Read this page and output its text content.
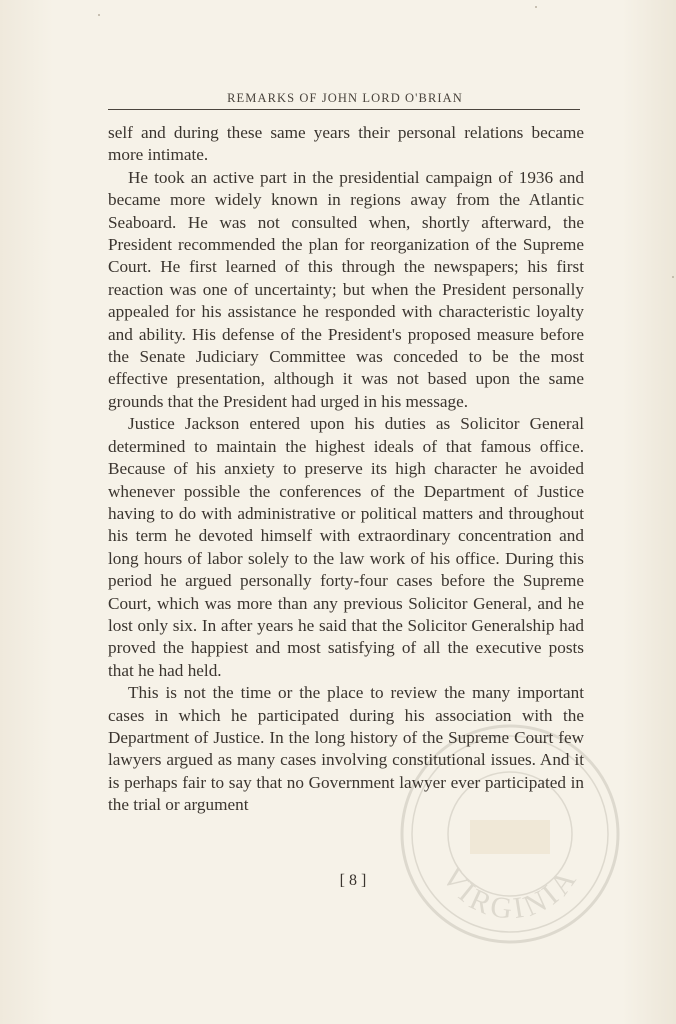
VIRGINIA
REMARKS OF JOHN LORD O'BRIAN

self and during these same years their personal relations became more intimate.

He took an active part in the presidential campaign of 1936 and became more widely known in regions away from the Atlantic Seaboard. He was not consulted when, shortly afterward, the President recommended the plan for reorganization of the Supreme Court. He first learned of this through the newspapers; his first reaction was one of uncertainty; but when the President personally appealed for his assistance he responded with characteristic loyalty and ability. His defense of the President's proposed measure before the Senate Judiciary Committee was conceded to be the most effective presentation, although it was not based upon the same grounds that the President had urged in his message.

Justice Jackson entered upon his duties as Solicitor General determined to maintain the highest ideals of that famous office. Because of his anxiety to preserve its high character he avoided whenever possible the conferences of the Department of Justice having to do with administrative or political matters and throughout his term he devoted himself with extraordinary concentration and long hours of labor solely to the law work of his office. During this period he argued personally forty-four cases before the Supreme Court, which was more than any previous Solicitor General, and he lost only six. In after years he said that the Solicitor Generalship had proved the happiest and most satisfying of all the executive posts that he had held.

This is not the time or the place to review the many important cases in which he participated during his association with the Department of Justice. In the long history of the Supreme Court few lawyers argued as many cases involving constitutional issues. And it is perhaps fair to say that no Government lawyer ever participated in the trial or argument

[ 8 ]
